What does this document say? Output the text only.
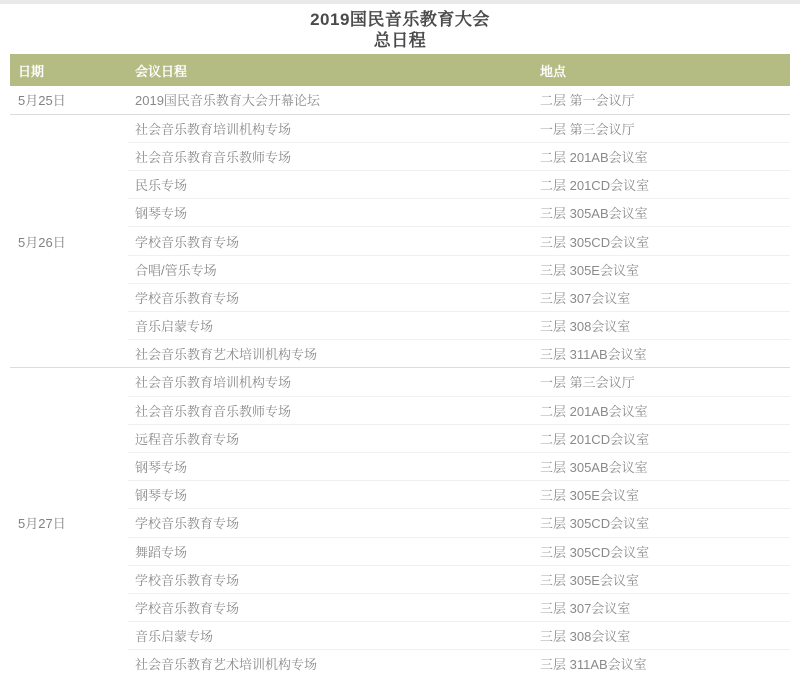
2019国民音乐教育大会
总日程
日期	会议日程	地点
5月25日	2019国民音乐教育大会开幕论坛	二层 第一会议厅
5月26日	社会音乐教育培训机构专场	一层 第三会议厅
	社会音乐教育音乐教师专场	二层 201AB会议室
	民乐专场	二层 201CD会议室
	钢琴专场	三层 305AB会议室
	学校音乐教育专场	三层 305CD会议室
	合唱/管乐专场	三层 305E会议室
	学校音乐教育专场	三层 307会议室
	音乐启蒙专场	三层 308会议室
	社会音乐教育艺术培训机构专场	三层 311AB会议室
5月27日	社会音乐教育培训机构专场	一层 第三会议厅
	社会音乐教育音乐教师专场	二层 201AB会议室
	远程音乐教育专场	二层 201CD会议室
	钢琴专场	三层 305AB会议室
	钢琴专场	三层 305E会议室
	学校音乐教育专场	三层 305CD会议室
	舞蹈专场	三层 305CD会议室
	学校音乐教育专场	三层 305E会议室
	学校音乐教育专场	三层 307会议室
	音乐启蒙专场	三层 308会议室
	社会音乐教育艺术培训机构专场	三层 311AB会议室
